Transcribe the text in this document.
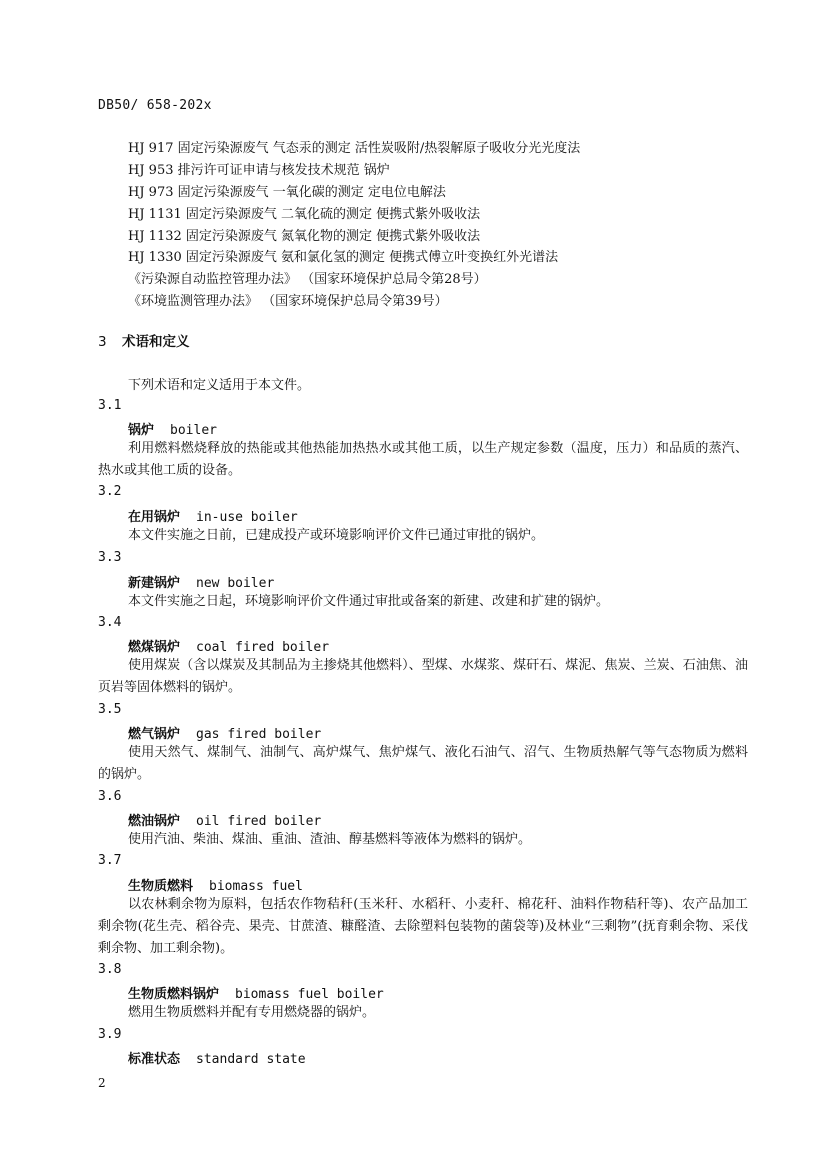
DB50/ 658-202x
HJ 917 固定污染源废气 气态汞的测定 活性炭吸附/热裂解原子吸收分光光度法
HJ 953 排污许可证申请与核发技术规范 锅炉
HJ 973 固定污染源废气 一氧化碳的测定 定电位电解法
HJ 1131 固定污染源废气 二氧化硫的测定 便携式紫外吸收法
HJ 1132 固定污染源废气 氮氧化物的测定 便携式紫外吸收法
HJ 1330 固定污染源废气 氨和氯化氢的测定 便携式傅立叶变换红外光谱法
《污染源自动监控管理办法》 （国家环境保护总局令第28号）
《环境监测管理办法》 （国家环境保护总局令第39号）
3 术语和定义
下列术语和定义适用于本文件。
3.1
锅炉 boiler
利用燃料燃烧释放的热能或其他热能加热热水或其他工质，以生产规定参数（温度，压力）和品质的蒸汽、热水或其他工质的设备。
3.2
在用锅炉 in-use boiler
本文件实施之日前，已建成投产或环境影响评价文件已通过审批的锅炉。
3.3
新建锅炉 new boiler
本文件实施之日起，环境影响评价文件通过审批或备案的新建、改建和扩建的锅炉。
3.4
燃煤锅炉 coal fired boiler
使用煤炭（含以煤炭及其制品为主掺烧其他燃料）、型煤、水煤浆、煤矸石、煤泥、焦炭、兰炭、石油焦、油页岩等固体燃料的锅炉。
3.5
燃气锅炉 gas fired boiler
使用天然气、煤制气、油制气、高炉煤气、焦炉煤气、液化石油气、沼气、生物质热解气等气态物质为燃料的锅炉。
3.6
燃油锅炉 oil fired boiler
使用汽油、柴油、煤油、重油、渣油、醇基燃料等液体为燃料的锅炉。
3.7
生物质燃料 biomass fuel
以农林剩余物为原料，包括农作物秸秆(玉米秆、水稻秆、小麦秆、棉花秆、油料作物秸秆等)、农产品加工剩余物(花生壳、稻谷壳、果壳、甘蔗渣、糠醛渣、去除塑料包装物的菌袋等)及林业“三剩物”(抚育剩余物、采伐剩余物、加工剩余物)。
3.8
生物质燃料锅炉 biomass fuel boiler
燃用生物质燃料并配有专用燃烧器的锅炉。
3.9
标准状态 standard state
2
